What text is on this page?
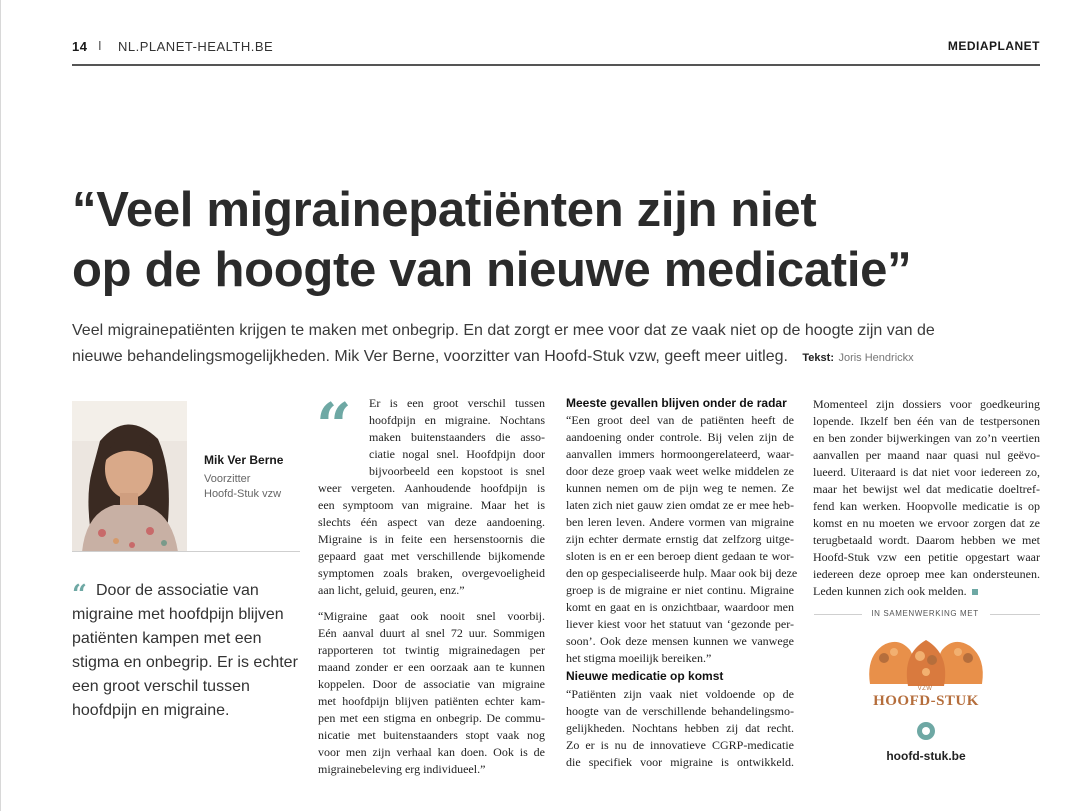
14 I NL.PLANET-HEALTH.BE	MEDIAPLANET
“Veel migrainepatiënten zijn niet
op de hoogte van nieuwe medicatie”

Veel migrainepatiënten krijgen te maken met onbegrip. En dat zorgt er mee voor dat ze vaak niet op de hoogte zijn van de
nieuwe behandelingsmogelijkheden. Mik Ver Berne, voorzitter van Hoofd-Stuk vzw, geeft meer uitleg. Tekst: Joris Hendrickx

Mik Ver Berne
Voorzitter
Hoofd-Stuk vzw
“ Door de associatie van
migraine met hoofdpijn blijven
patiënten kampen met een
stigma en onbegrip. Er is echter
een groot verschil tussen
hoofdpijn en migraine.
“ Er is een groot verschil tussen
hoofdpijn en migraine. Nochtans
maken buitenstaanders die asso-
ciatie nogal snel. Hoofdpijn door
bijvoorbeeld een kopstoot is snel
weer vergeten. Aanhoudende hoofdpijn is
een symptoom van migraine. Maar het is
slechts één aspect van deze aandoening.
Migraine is in feite een hersenstoornis die
gepaard gaat met verschillende bijkomende
symptomen zoals braken, overgevoeligheid
aan licht, geluid, geuren, enz.”
“Migraine gaat ook nooit snel voorbij.
Eén aanval duurt al snel 72 uur. Sommigen
rapporteren tot twintig migrainedagen per
maand zonder er een oorzaak aan te kunnen
koppelen. Door de associatie van migraine
met hoofdpijn blijven patiënten echter kam-
pen met een stigma en onbegrip. De commu-
nicatie met buitenstaanders stopt vaak nog
voor men zijn verhaal kan doen. Ook is de
migrainebeleving erg individueel.”
Meeste gevallen blijven onder de radar
“Een groot deel van de patiënten heeft de
aandoening onder controle. Bij velen zijn de
aanvallen immers hormoongerelateerd, waar-
door deze groep vaak weet welke middelen ze
kunnen nemen om de pijn weg te nemen. Ze
laten zich niet gauw zien omdat ze er mee heb-
ben leren leven. Andere vormen van migraine
zijn echter dermate ernstig dat zelfzorg uitge-
sloten is en er een beroep dient gedaan te wor-
den op gespecialiseerde hulp. Maar ook bij deze
groep is de migraine er niet continu. Migraine
komt en gaat en is onzichtbaar, waardoor men
liever kiest voor het statuut van ‘gezonde per-
soon’. Ook deze mensen kunnen we vanwege
het stigma moeilijk bereiken.”
Nieuwe medicatie op komst
“Patiënten zijn vaak niet voldoende op de
hoogte van de verschillende behandelingsmo-
gelijkheden. Nochtans hebben zij dat recht.
Zo er is nu de innovatieve CGRP-medicatie
die specifiek voor migraine is ontwikkeld.
Momenteel zijn dossiers voor goedkeuring
lopende. Ikzelf ben één van de testpersonen
en ben zonder bijwerkingen van zo’n veertien
aanvallen per maand naar quasi nul geëvo-
lueerd. Uiteraard is dat niet voor iedereen zo,
maar het bewijst wel dat medicatie doeltref-
fend kan werken. Hoopvolle medicatie is op
komst en nu moeten we ervoor zorgen dat ze
terugbetaald wordt. Daarom hebben we met
Hoofd-Stuk vzw een petitie opgestart waar
iedereen deze oproep mee kan ondersteunen.
Leden kunnen zich ook melden.
IN SAMENWERKING MET
VZW
HOOFD-STUK
hoofd-stuk.be
